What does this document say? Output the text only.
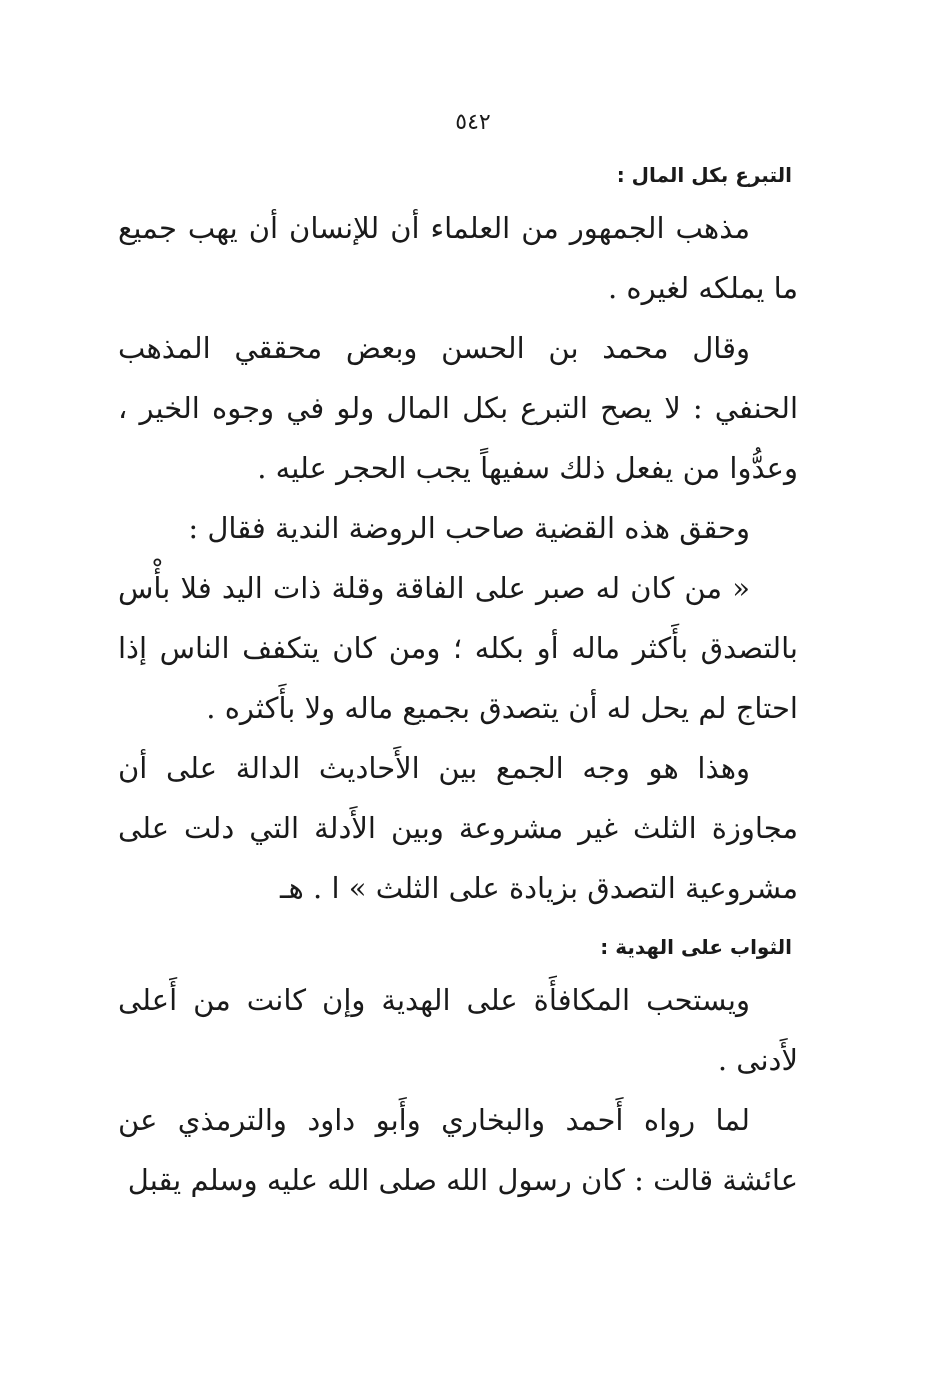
٥٤٢
التبرع بكل المال :

مذهب الجمهور من العلماء أن للإنسان أن يهب جميع ما يملكه لغيره .

وقال محمد بن الحسن وبعض محققي المذهب الحنفي : لا يصح التبرع بكل المال ولو في وجوه الخير ، وعدُّوا من يفعل ذلك سفيهاً يجب الحجر عليه .

وحقق هذه القضية صاحب الروضة الندية فقال :

« من كان له صبر على الفاقة وقلة ذات اليد فلا بأْس بالتصدق بأَكثر ماله أو بكله ؛ ومن كان يتكفف الناس إذا احتاج لم يحل له أن يتصدق بجميع ماله ولا بأَكثره .

وهذا هو وجه الجمع بين الأَحاديث الدالة على أن مجاوزة الثلث غير مشروعة وبين الأَدلة التي دلت على مشروعية التصدق بزيادة على الثلث » ا . هـ

الثواب على الهدية :

ويستحب المكافأَة على الهدية وإن كانت من أَعلى لأَدنى .

لما رواه أَحمد والبخاري وأَبو داود والترمذي عن عائشة قالت : كان رسول الله صلى الله عليه وسلم يقبل
